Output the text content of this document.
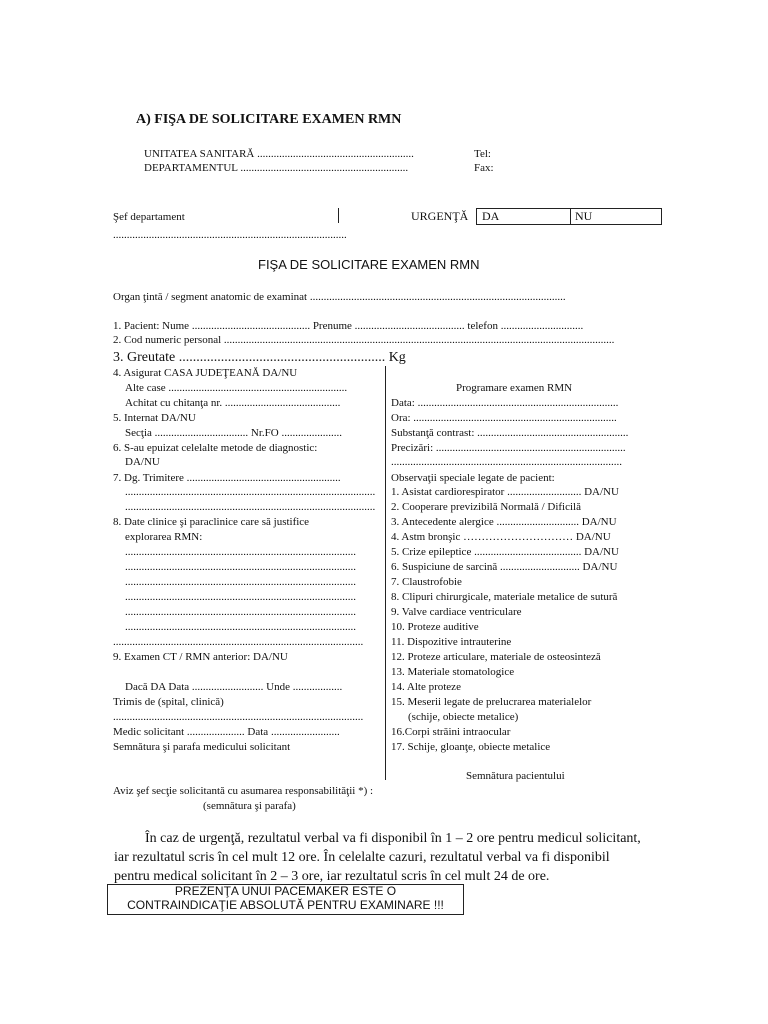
A) FIŞA DE SOLICITARE EXAMEN RMN
UNITATEA SANITARĂ .........................................................
DEPARTAMENTUL .............................................................
Tel:
Fax:
Şef departament	URGENŢĂ DA	NU
.....................................................................................
FIŞA DE SOLICITARE EXAMEN RMN
Organ ţintă / segment anatomic de examinat .............................................................................................
1. Pacient: Nume ........................................... Prenume ........................................ telefon ..............................
2. Cod numeric personal ..............................................................................................................................................
3. Greutate ........................................................... Kg
4. Asigurat CASA JUDEŢEANĂ DA/NU
Alte case .................................................................
Achitat cu chitanţa nr. ..........................................
5. Internat DA/NU
Secţia .................................. Nr.FO ......................
6. S-au epuizat celelalte metode de diagnostic:
DA/NU
7. Dg. Trimitere ........................................................
...........................................................................................
...........................................................................................
8. Date clinice şi paraclinice care să justifice
explorarea RMN:
....................................................................................
....................................................................................
....................................................................................
....................................................................................
....................................................................................
....................................................................................
...........................................................................................
9. Examen CT / RMN anterior: DA/NU
Dacă DA Data .......................... Unde ..................
Trimis de (spital, clinică)
...........................................................................................
Medic solicitant ..................... Data .........................
Semnătura şi parafa medicului solicitant
Programare examen RMN
Data: .........................................................................
Ora: ..........................................................................
Substanţă contrast: .......................................................
Precizări: .....................................................................
....................................................................................
Observaţii speciale legate de pacient:
1. Asistat cardiorespirator ........................... DA/NU
2. Cooperare previzibilă Normală / Dificilă
3. Antecedente alergice .............................. DA/NU
4. Astm bronşic ………………………… DA/NU
5. Crize epileptice ....................................... DA/NU
6. Suspiciune de sarcină ............................. DA/NU
7. Claustrofobie
8. Clipuri chirurgicale, materiale metalice de sutură
9. Valve cardiace ventriculare
10. Proteze auditive
11. Dispozitive intrauterine
12. Proteze articulare, materiale de osteosinteză
13. Materiale stomatologice
14. Alte proteze
15. Meserii legate de prelucrarea materialelor
(schije, obiecte metalice)
16.Corpi străini intraocular
17. Schije, gloanţe, obiecte metalice
Semnătura pacientului
Aviz şef secţie solicitantă cu asumarea responsabilităţii *) :
(semnătura şi parafa)
În caz de urgenţă, rezultatul verbal va fi disponibil în 1 – 2 ore pentru medicul solicitant, iar rezultatul scris în cel mult 12 ore. În celelalte cazuri, rezultatul verbal va fi disponibil pentru medical solicitant în 2 – 3 ore, iar rezultatul scris în cel mult 24 de ore.
PREZENŢA UNUI PACEMAKER ESTE O
CONTRAINDICAŢIE ABSOLUTĂ PENTRU EXAMINARE !!!
